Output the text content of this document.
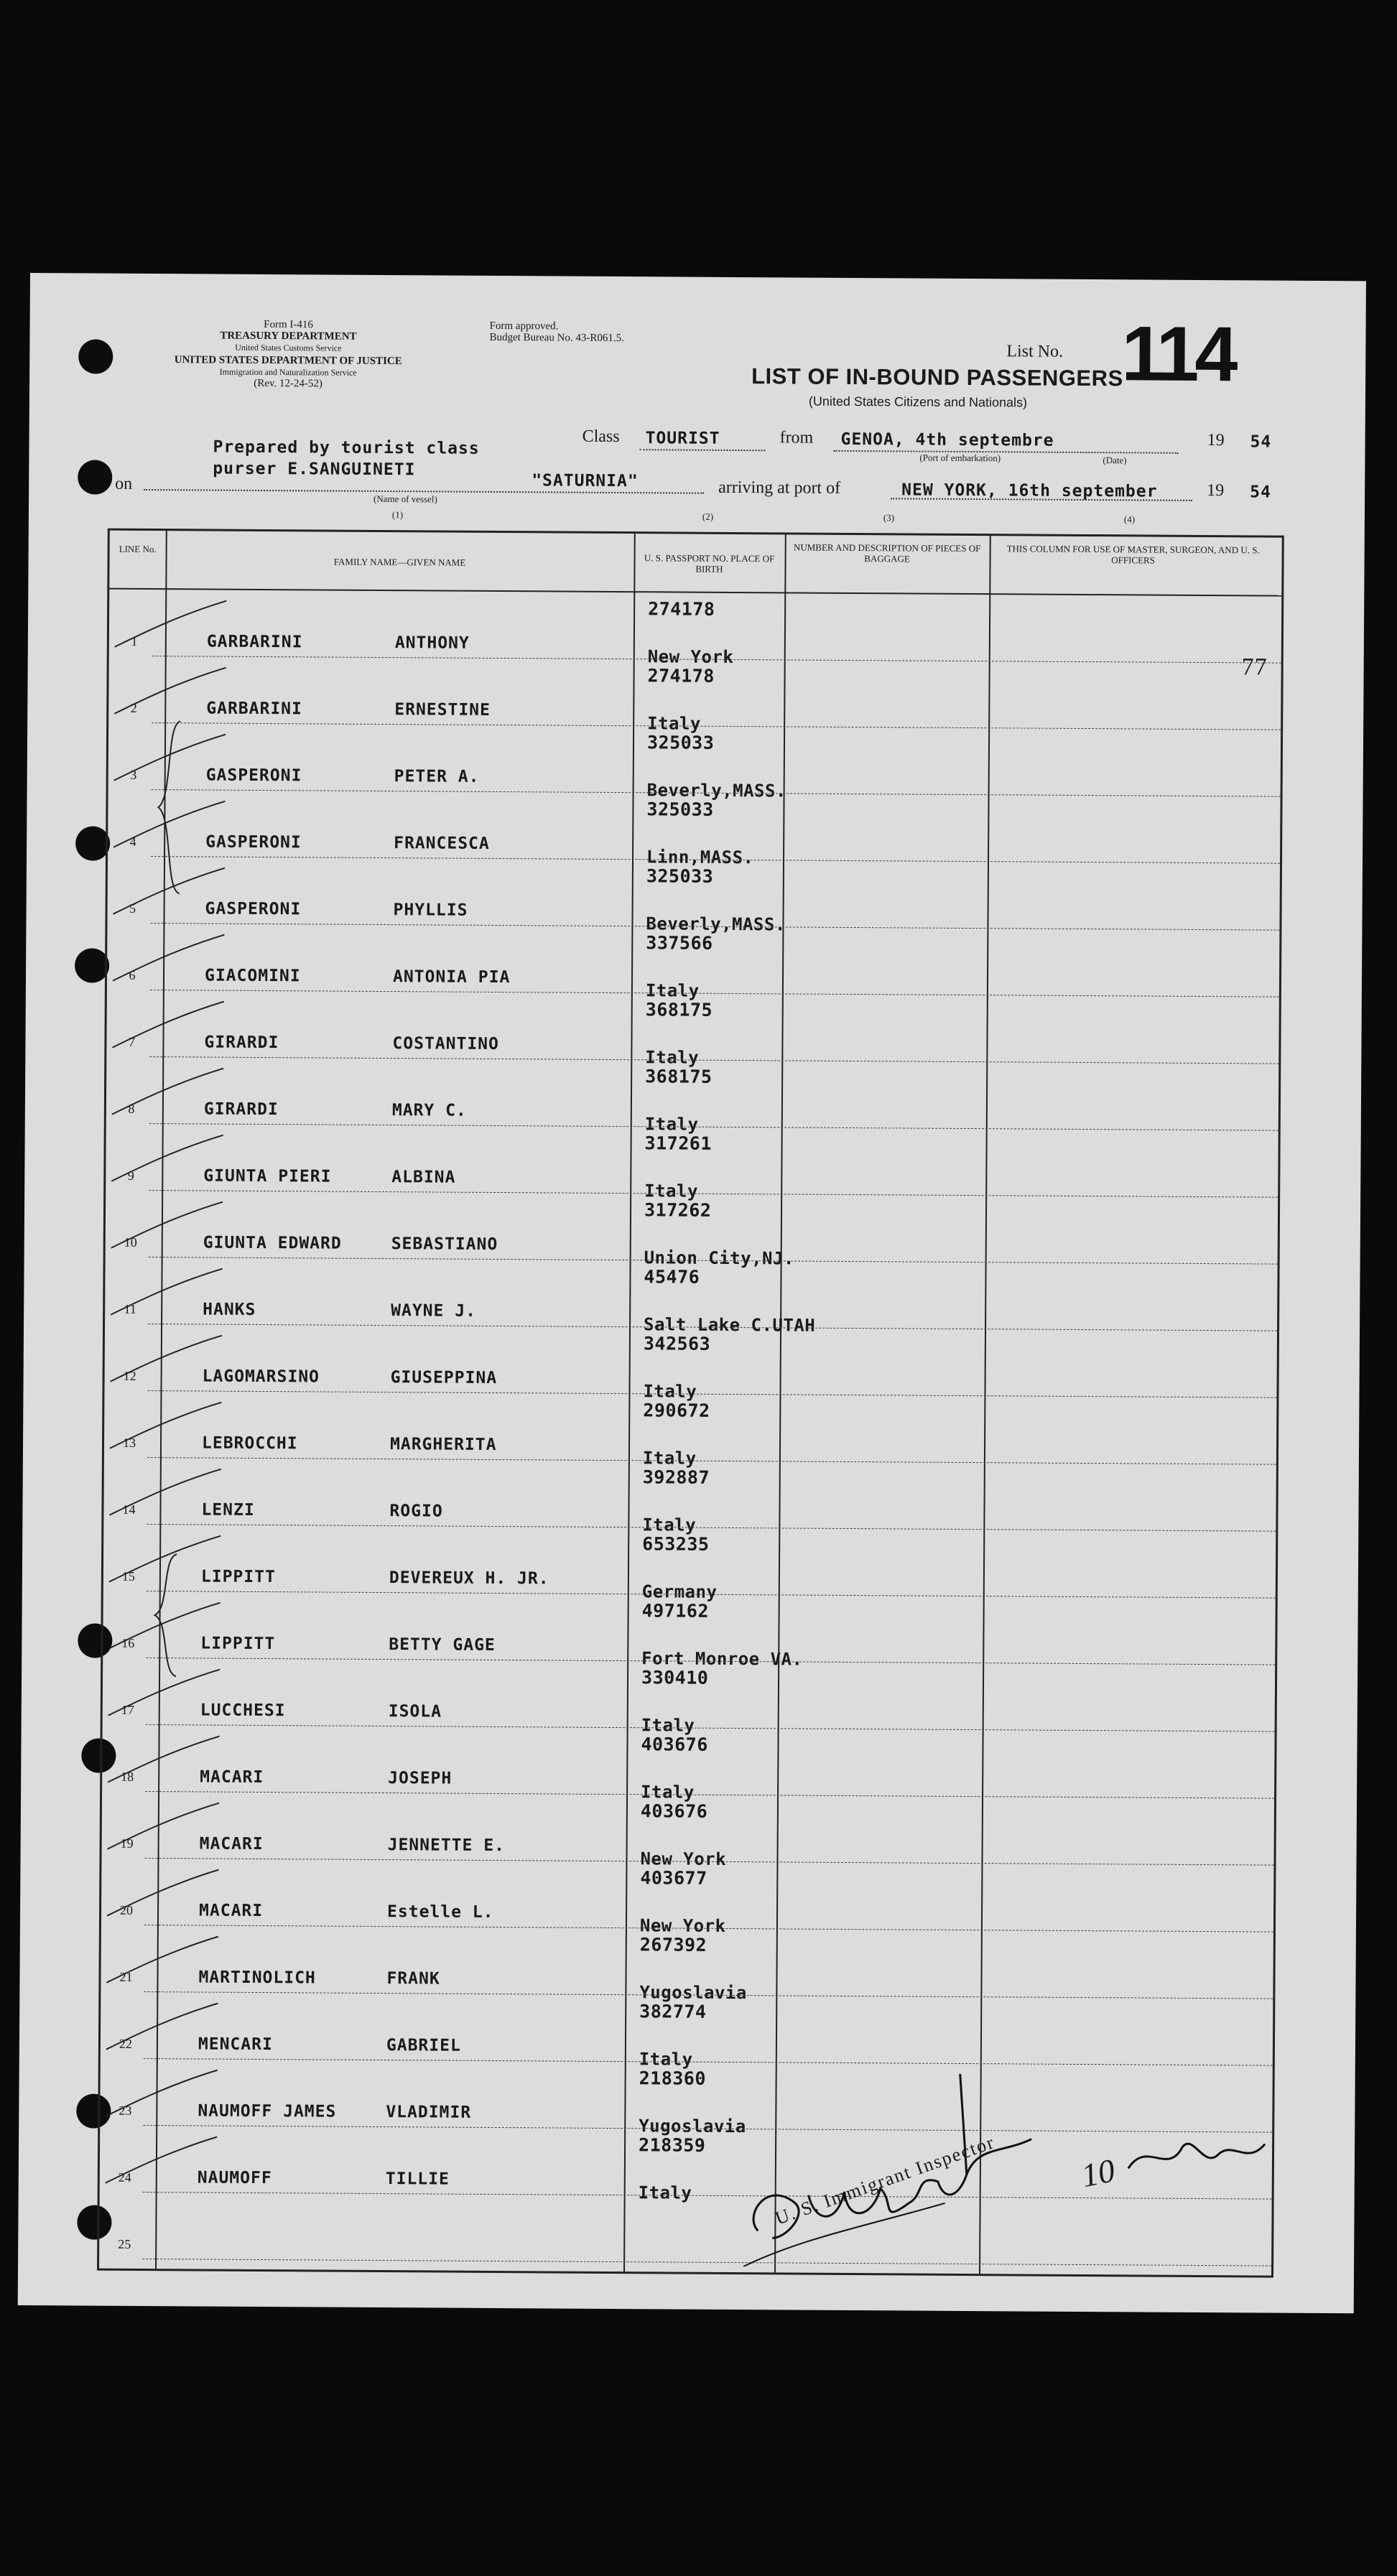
Form I-416
TREASURY DEPARTMENT
United States Customs Service
UNITED STATES DEPARTMENT OF JUSTICE
Immigration and Naturalization Service
(Rev. 12-24-52)
Form approved.
Budget Bureau No. 43-R061.5.
LIST OF IN-BOUND PASSENGERS
(United States Citizens and Nationals)
List No. 114
Prepared by tourist class
purser E.SANGUINETI
Class TOURIST	from GENOA, 4th septembre
(Port of embarkation)	(Date)
19 54
on	"SATURNIA"
(Name of vessel)
arriving at port of	NEW YORK, 16th september	19 54
(1)	(2)	(3)	(4)
LINE No.
FAMILY NAME—GIVEN NAME	U. S. PASSPORT NO. PLACE OF BIRTH
NUMBER AND DESCRIPTION OF PIECES OF BAGGAGE
THIS COLUMN FOR USE OF MASTER, SURGEON, AND U. S. OFFICERS
1	GARBARINI	ANTHONY
274178
New York
2	GARBARINI	ERNESTINE
274178
Italy
3	GASPERONI	PETER A.
325033
Beverly,MASS.
4	GASPERONI	FRANCESCA
325033
Linn,MASS.
5	GASPERONI	PHYLLIS
325033
Beverly,MASS.
6	GIACOMINI	ANTONIA PIA
337566
Italy
7	GIRARDI	COSTANTINO
368175
Italy
8	GIRARDI	MARY C.
368175
Italy
9	GIUNTA PIERI	ALBINA
317261
Italy
10	GIUNTA EDWARD	SEBASTIANO
317262
Union City,NJ.
11	HANKS	WAYNE J.
45476
Salt Lake C.UTAH
12	LAGOMARSINO	GIUSEPPINA
342563
Italy
13	LEBROCCHI	MARGHERITA
290672
Italy
14	LENZI	ROGIO
392887
Italy
15	LIPPITT	DEVEREUX H. JR.
653235
Germany
16	LIPPITT	BETTY GAGE
497162
Fort Monroe VA.
17	LUCCHESI	ISOLA
330410
Italy
18	MACARI	JOSEPH
403676
Italy
19	MACARI	JENNETTE E.
403676
New York
20	MACARI	Estelle L.
403677
New York
21	MARTINOLICH	FRANK
267392
Yugoslavia
22	MENCARI	GABRIEL
382774
Italy
23	NAUMOFF JAMES	VLADIMIR
218360
Yugoslavia
24	NAUMOFF	TILLIE
218359
Italy
25
77
U. S. Immigrant Inspector 10
